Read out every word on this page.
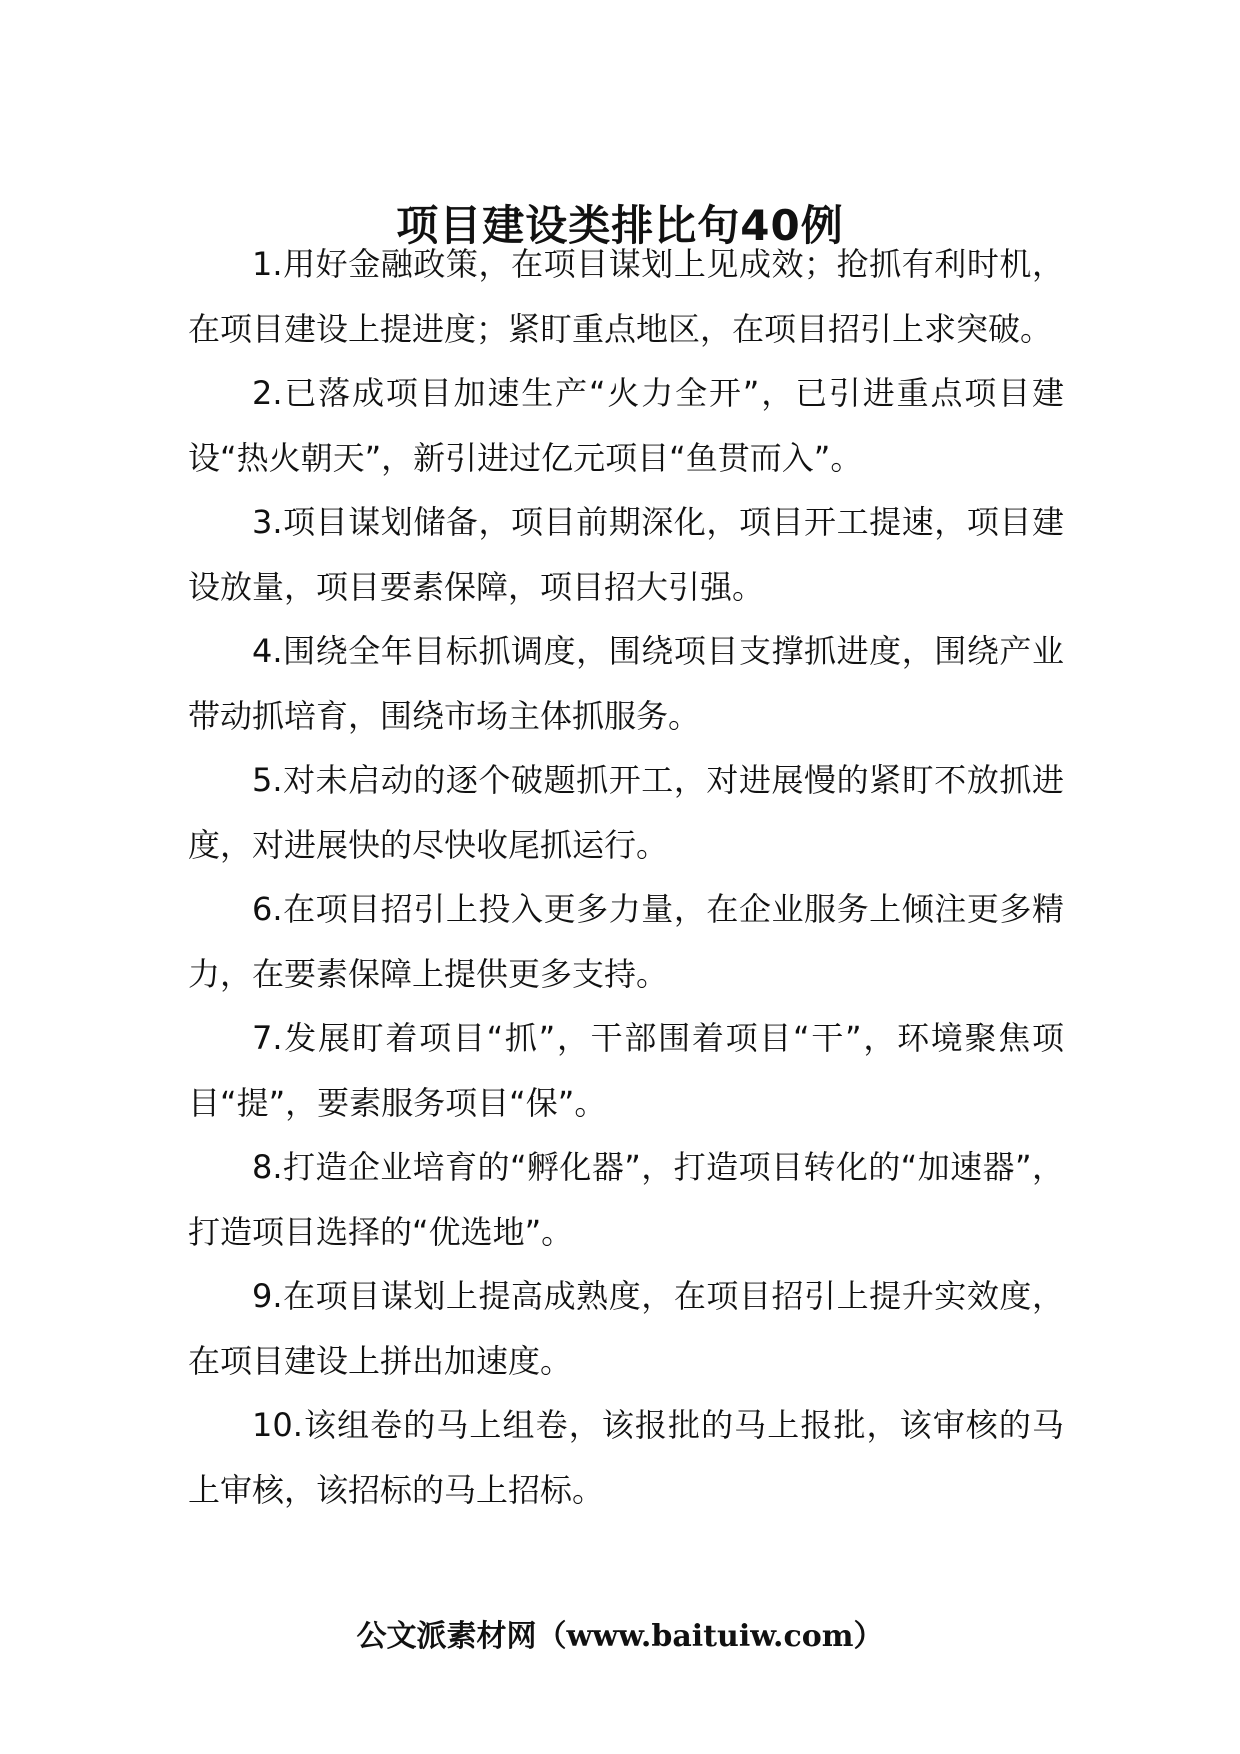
项目建设类排比句40例

1.用好金融政策，在项目谋划上见成效；抢抓有利时机，在项目建设上提进度；紧盯重点地区，在项目招引上求突破。

2.已落成项目加速生产“火力全开”，已引进重点项目建设“热火朝天”，新引进过亿元项目“鱼贯而入”。

3.项目谋划储备，项目前期深化，项目开工提速，项目建设放量，项目要素保障，项目招大引强。

4.围绕全年目标抓调度，围绕项目支撑抓进度，围绕产业带动抓培育，围绕市场主体抓服务。

5.对未启动的逐个破题抓开工，对进展慢的紧盯不放抓进度，对进展快的尽快收尾抓运行。

6.在项目招引上投入更多力量，在企业服务上倾注更多精力，在要素保障上提供更多支持。

7.发展盯着项目“抓”，干部围着项目“干”，环境聚焦项目“提”，要素服务项目“保”。

8.打造企业培育的“孵化器”，打造项目转化的“加速器”，打造项目选择的“优选地”。

9.在项目谋划上提高成熟度，在项目招引上提升实效度，在项目建设上拼出加速度。

10.该组卷的马上组卷，该报批的马上报批，该审核的马上审核，该招标的马上招标。

公文派素材网（www.baituiw.com）
